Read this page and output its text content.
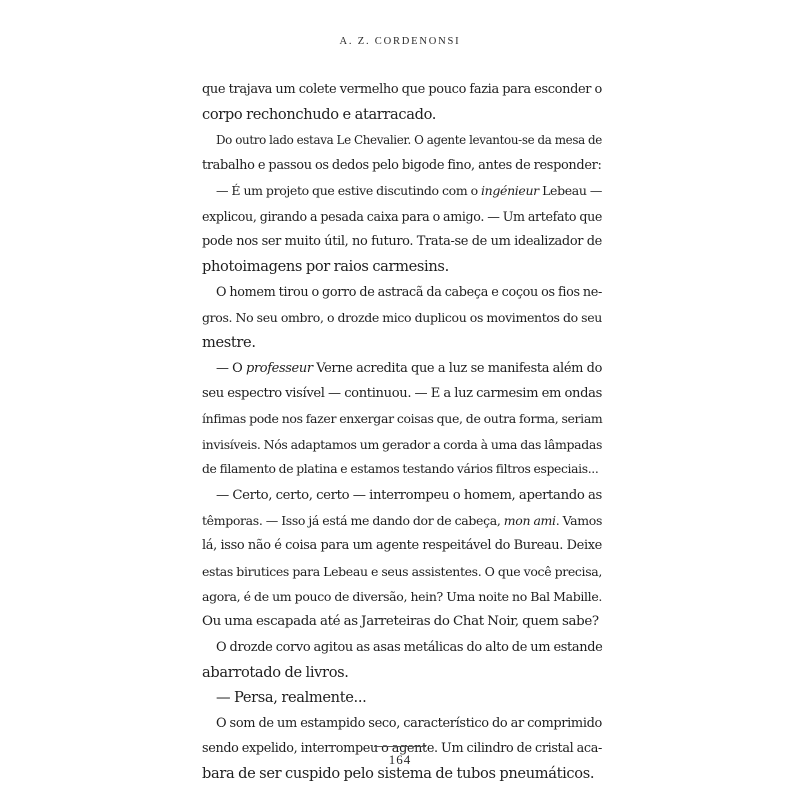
A. Z. CORDENONSI
que trajava um colete vermelho que pouco fazia para esconder o
corpo rechonchudo e atarracado.
Do outro lado estava Le Chevalier. O agente levantou-se da mesa de
trabalho e passou os dedos pelo bigode fino, antes de responder:
— É um projeto que estive discutindo com o ingénieur Lebeau —
explicou, girando a pesada caixa para o amigo. — Um artefato que
pode nos ser muito útil, no futuro. Trata-se de um idealizador de
photoimagens por raios carmesins.
O homem tirou o gorro de astracã da cabeça e coçou os fios ne-
gros. No seu ombro, o drozde mico duplicou os movimentos do seu
mestre.
— O professeur Verne acredita que a luz se manifesta além do
seu espectro visível — continuou. — E a luz carmesim em ondas
ínfimas pode nos fazer enxergar coisas que, de outra forma, seriam
invisíveis. Nós adaptamos um gerador a corda à uma das lâmpadas
de filamento de platina e estamos testando vários filtros especiais...
— Certo, certo, certo — interrompeu o homem, apertando as
têmporas. — Isso já está me dando dor de cabeça, mon ami. Vamos
lá, isso não é coisa para um agente respeitável do Bureau. Deixe
estas birutices para Lebeau e seus assistentes. O que você precisa,
agora, é de um pouco de diversão, hein? Uma noite no Bal Mabille.
Ou uma escapada até as Jarreteiras do Chat Noir, quem sabe?
O drozde corvo agitou as asas metálicas do alto de um estande
abarrotado de livros.
— Persa, realmente...
O som de um estampido seco, característico do ar comprimido
sendo expelido, interrompeu o agente. Um cilindro de cristal aca-
bara de ser cuspido pelo sistema de tubos pneumáticos.
164
